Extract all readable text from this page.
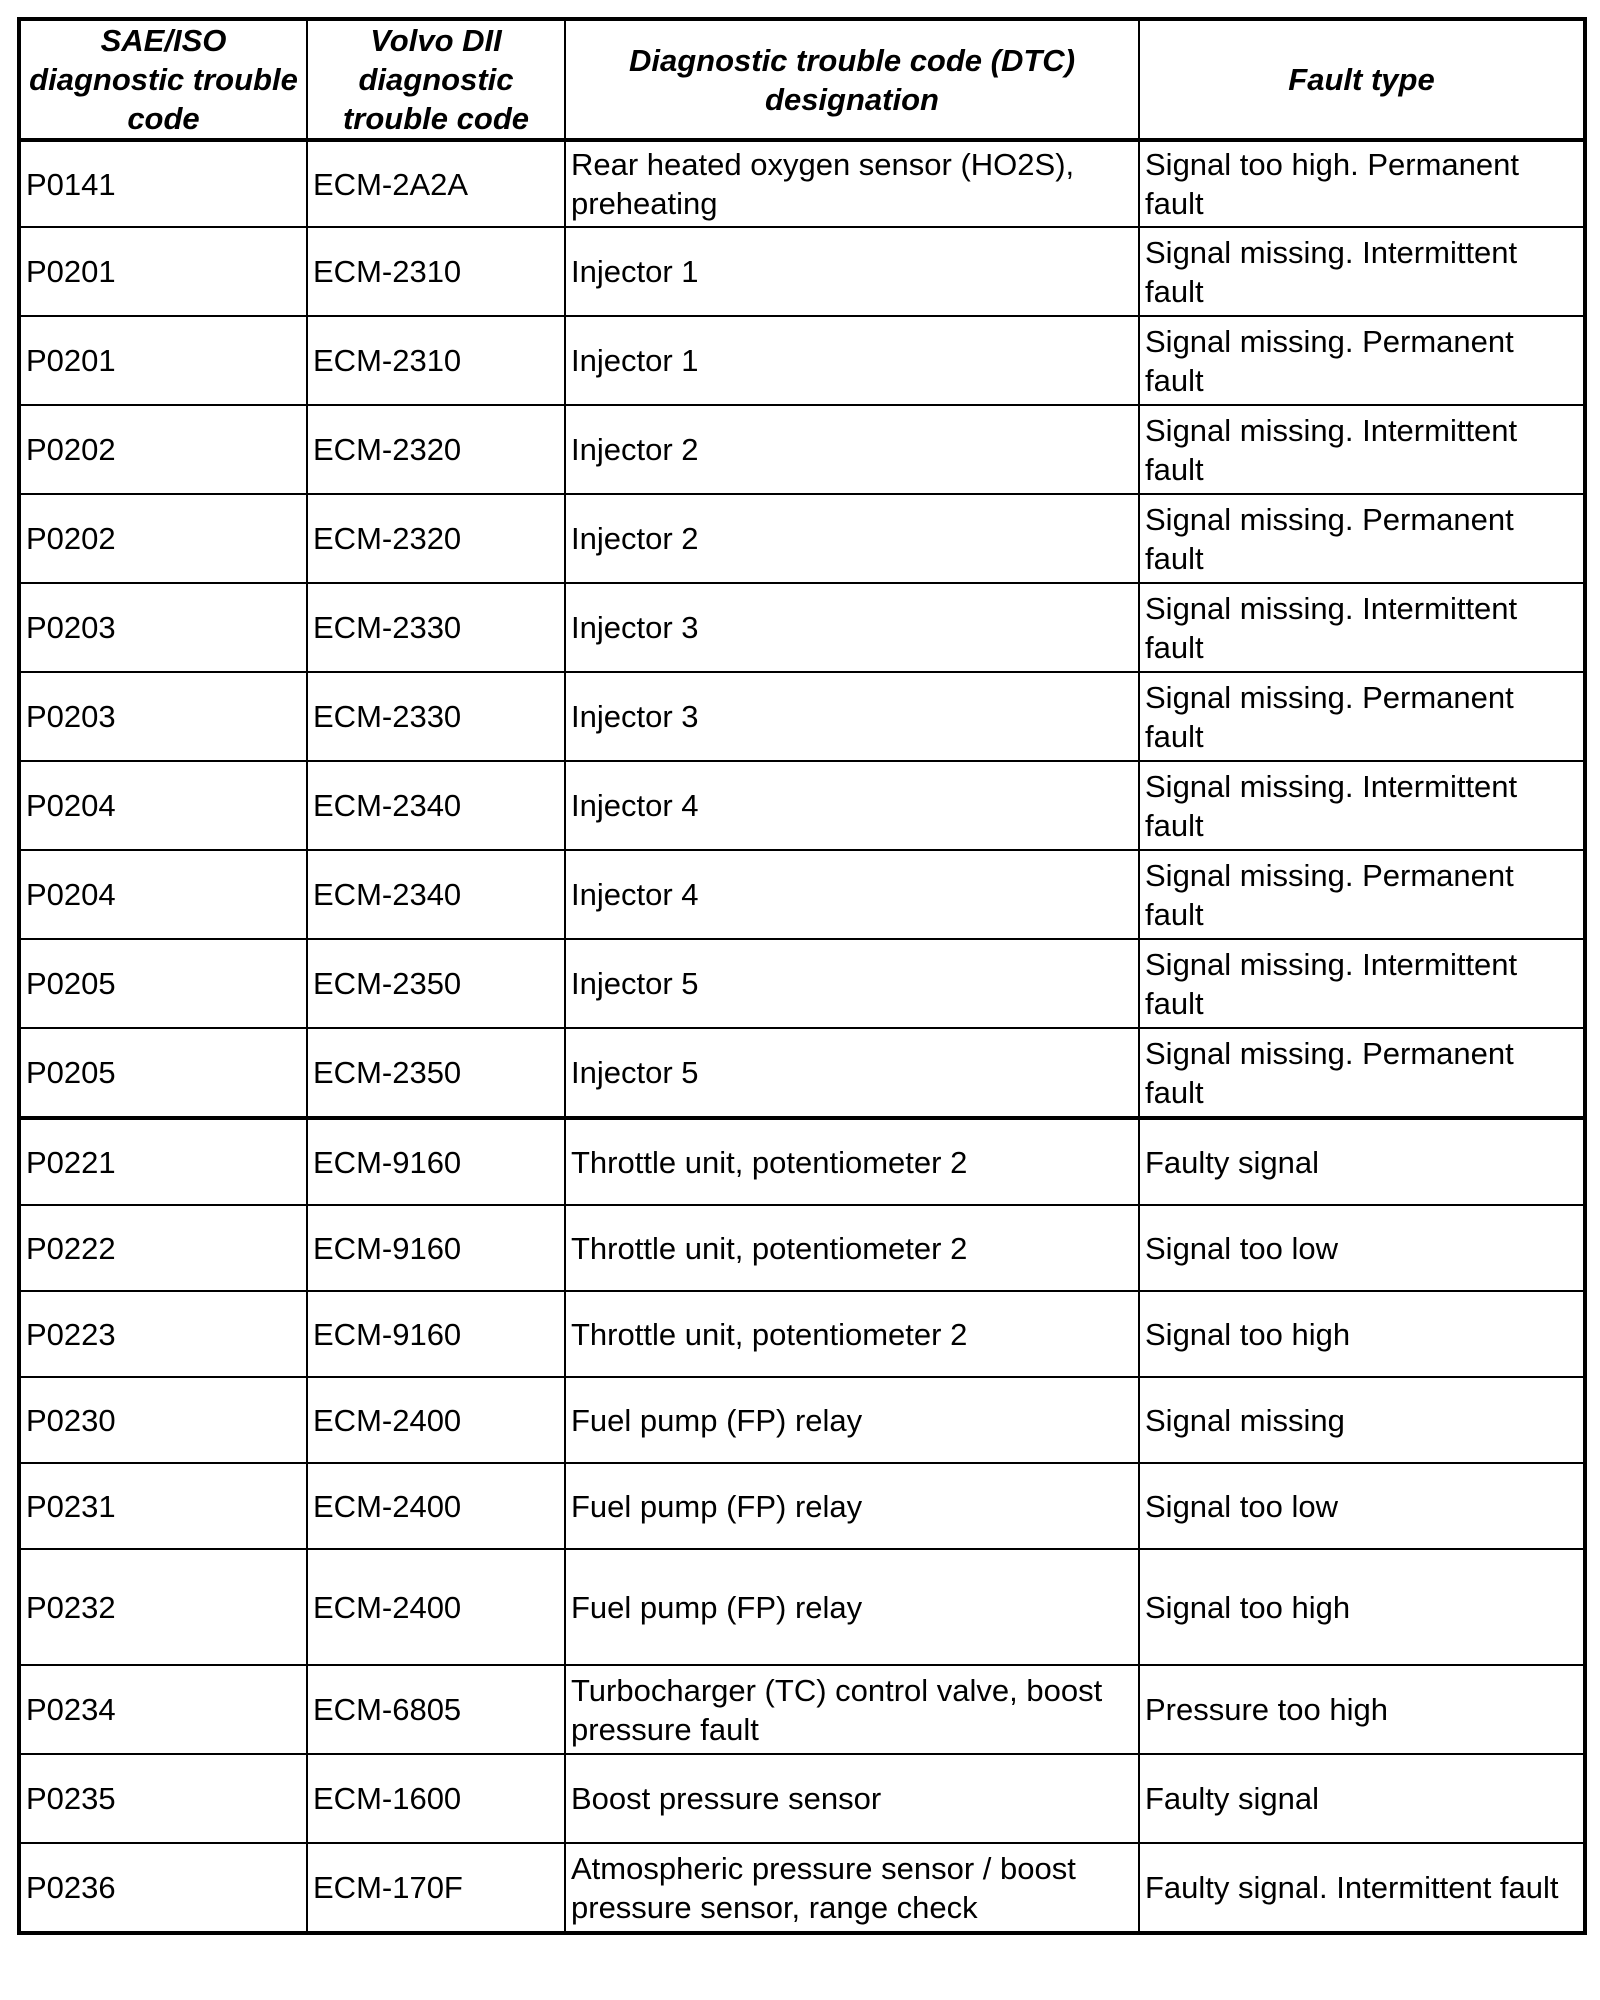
SAE/ISO diagnostic trouble code	Volvo DII diagnostic trouble code	Diagnostic trouble code (DTC) designation	Fault type
P0141	ECM-2A2A	Rear heated oxygen sensor (HO2S), preheating	Signal too high. Permanent fault
P0201	ECM-2310	Injector 1	Signal missing. Intermittent fault
P0201	ECM-2310	Injector 1	Signal missing. Permanent fault
P0202	ECM-2320	Injector 2	Signal missing. Intermittent fault
P0202	ECM-2320	Injector 2	Signal missing. Permanent fault
P0203	ECM-2330	Injector 3	Signal missing. Intermittent fault
P0203	ECM-2330	Injector 3	Signal missing. Permanent fault
P0204	ECM-2340	Injector 4	Signal missing. Intermittent fault
P0204	ECM-2340	Injector 4	Signal missing. Permanent fault
P0205	ECM-2350	Injector 5	Signal missing. Intermittent fault
P0205	ECM-2350	Injector 5	Signal missing. Permanent fault
P0221	ECM-9160	Throttle unit, potentiometer 2	Faulty signal
P0222	ECM-9160	Throttle unit, potentiometer 2	Signal too low
P0223	ECM-9160	Throttle unit, potentiometer 2	Signal too high
P0230	ECM-2400	Fuel pump (FP) relay	Signal missing
P0231	ECM-2400	Fuel pump (FP) relay	Signal too low
P0232	ECM-2400	Fuel pump (FP) relay	Signal too high
P0234	ECM-6805	Turbocharger (TC) control valve, boost pressure fault	Pressure too high
P0235	ECM-1600	Boost pressure sensor	Faulty signal
P0236	ECM-170F	Atmospheric pressure sensor / boost pressure sensor, range check	Faulty signal. Intermittent fault
